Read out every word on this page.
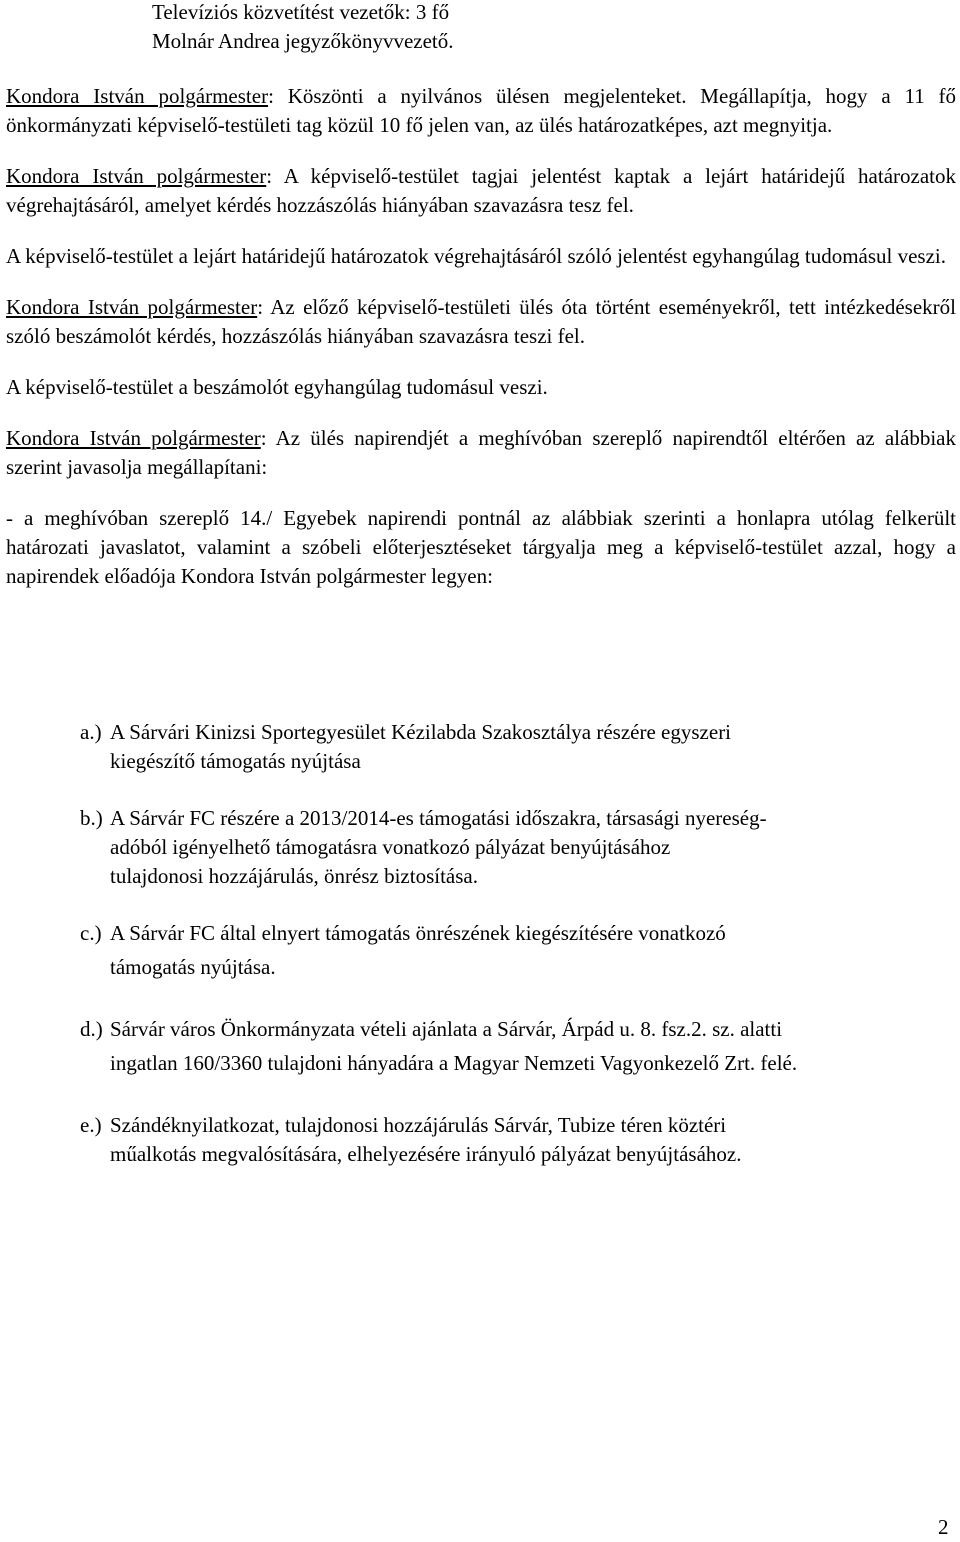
Televíziós közvetítést vezetők: 3 fő

Molnár Andrea jegyzőkönyvvezető.

Kondora István polgármester: Köszönti a nyilvános ülésen megjelenteket. Megállapítja, hogy a 11 fő önkormányzati képviselő-testületi tag közül 10 fő jelen van, az ülés határozatképes, azt megnyitja.

Kondora István polgármester: A képviselő-testület tagjai jelentést kaptak a lejárt határidejű határozatok végrehajtásáról, amelyet kérdés hozzászólás hiányában szavazásra tesz fel.

A képviselő-testület a lejárt határidejű határozatok végrehajtásáról szóló jelentést egyhangúlag tudomásul veszi.

Kondora István polgármester: Az előző képviselő-testületi ülés óta történt eseményekről, tett intézkedésekről szóló beszámolót kérdés, hozzászólás hiányában szavazásra teszi fel.

A képviselő-testület a beszámolót egyhangúlag tudomásul veszi.

Kondora István polgármester: Az ülés napirendjét a meghívóban szereplő napirendtől eltérően az alábbiak szerint javasolja megállapítani:

- a meghívóban szereplő 14./ Egyebek napirendi pontnál az alábbiak szerinti a honlapra utólag felkerült határozati javaslatot, valamint a szóbeli előterjesztéseket tárgyalja meg a képviselő-testület azzal, hogy a napirendek előadója Kondora István polgármester legyen:

a.) A Sárvári Kinizsi Sportegyesület Kézilabda Szakosztálya részére egyszeri
kiegészítő támogatás nyújtása
b.) A Sárvár FC részére a 2013/2014-es támogatási időszakra, társasági nyereség-
adóból igényelhető támogatásra vonatkozó pályázat benyújtásához
tulajdonosi hozzájárulás, önrész biztosítása.
c.) A Sárvár FC által elnyert támogatás önrészének kiegészítésére vonatkozó
támogatás nyújtása.
d.) Sárvár város Önkormányzata vételi ajánlata a Sárvár, Árpád u. 8. fsz.2. sz. alatti
ingatlan 160/3360 tulajdoni hányadára a Magyar Nemzeti Vagyonkezelő Zrt. felé.
e.) Szándéknyilatkozat, tulajdonosi hozzájárulás Sárvár, Tubize téren köztéri
műalkotás megvalósítására, elhelyezésére irányuló pályázat benyújtásához.
2
